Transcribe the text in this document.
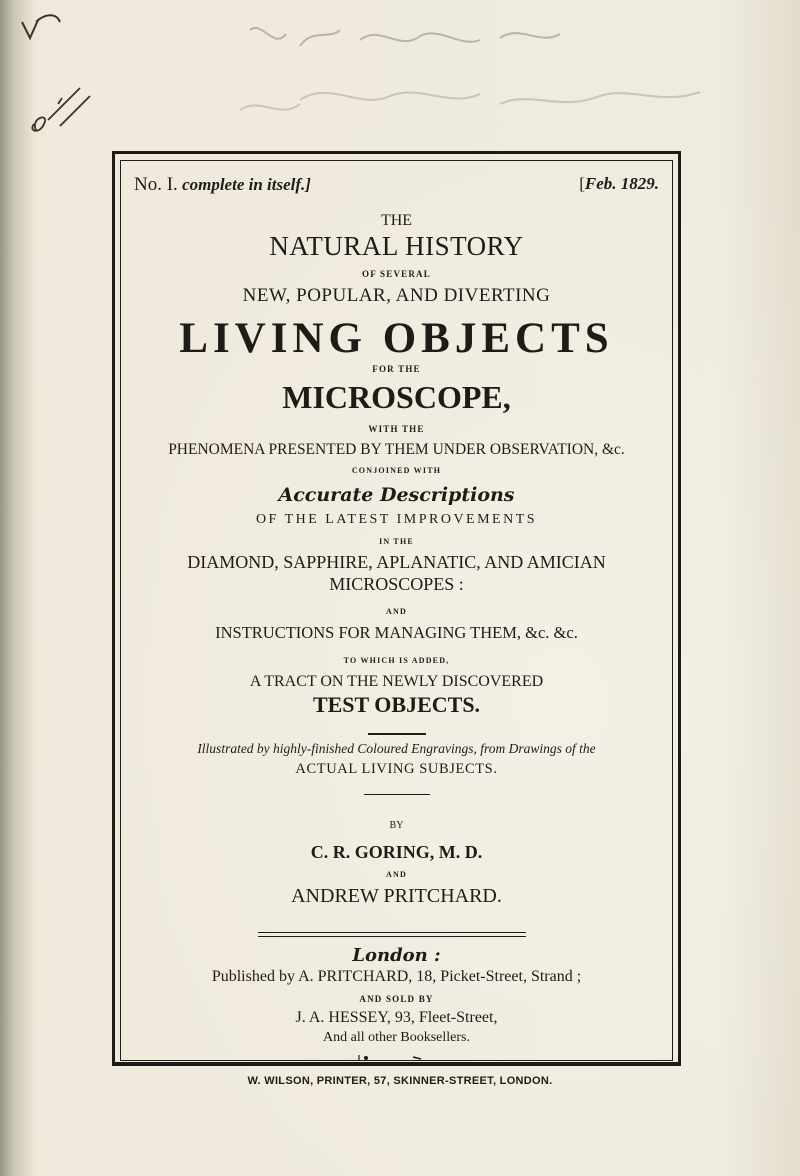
No. I. complete in itself.]	[Feb. 1829.
THE
NATURAL HISTORY
OF SEVERAL
NEW, POPULAR, AND DIVERTING
LIVING OBJECTS
FOR THE
MICROSCOPE,
WITH THE
PHENOMENA PRESENTED BY THEM UNDER OBSERVATION, &c.
CONJOINED WITH
Accurate Descriptions
OF THE LATEST IMPROVEMENTS
IN THE
DIAMOND, SAPPHIRE, APLANATIC, AND AMICIAN
MICROSCOPES :
AND
INSTRUCTIONS FOR MANAGING THEM, &c. &c.
TO WHICH IS ADDED,
A TRACT ON THE NEWLY DISCOVERED
TEST OBJECTS.
Illustrated by highly-finished Coloured Engravings, from Drawings of the
ACTUAL LIVING SUBJECTS.
BY
C. R. GORING, M. D.
AND
ANDREW PRITCHARD.
London :
Published by A. PRITCHARD, 18, Picket-Street, Strand ;
AND SOLD BY
J. A. HESSEY, 93, Fleet-Street,
And all other Booksellers.
W. WILSON, PRINTER, 57, SKINNER-STREET, LONDON.
